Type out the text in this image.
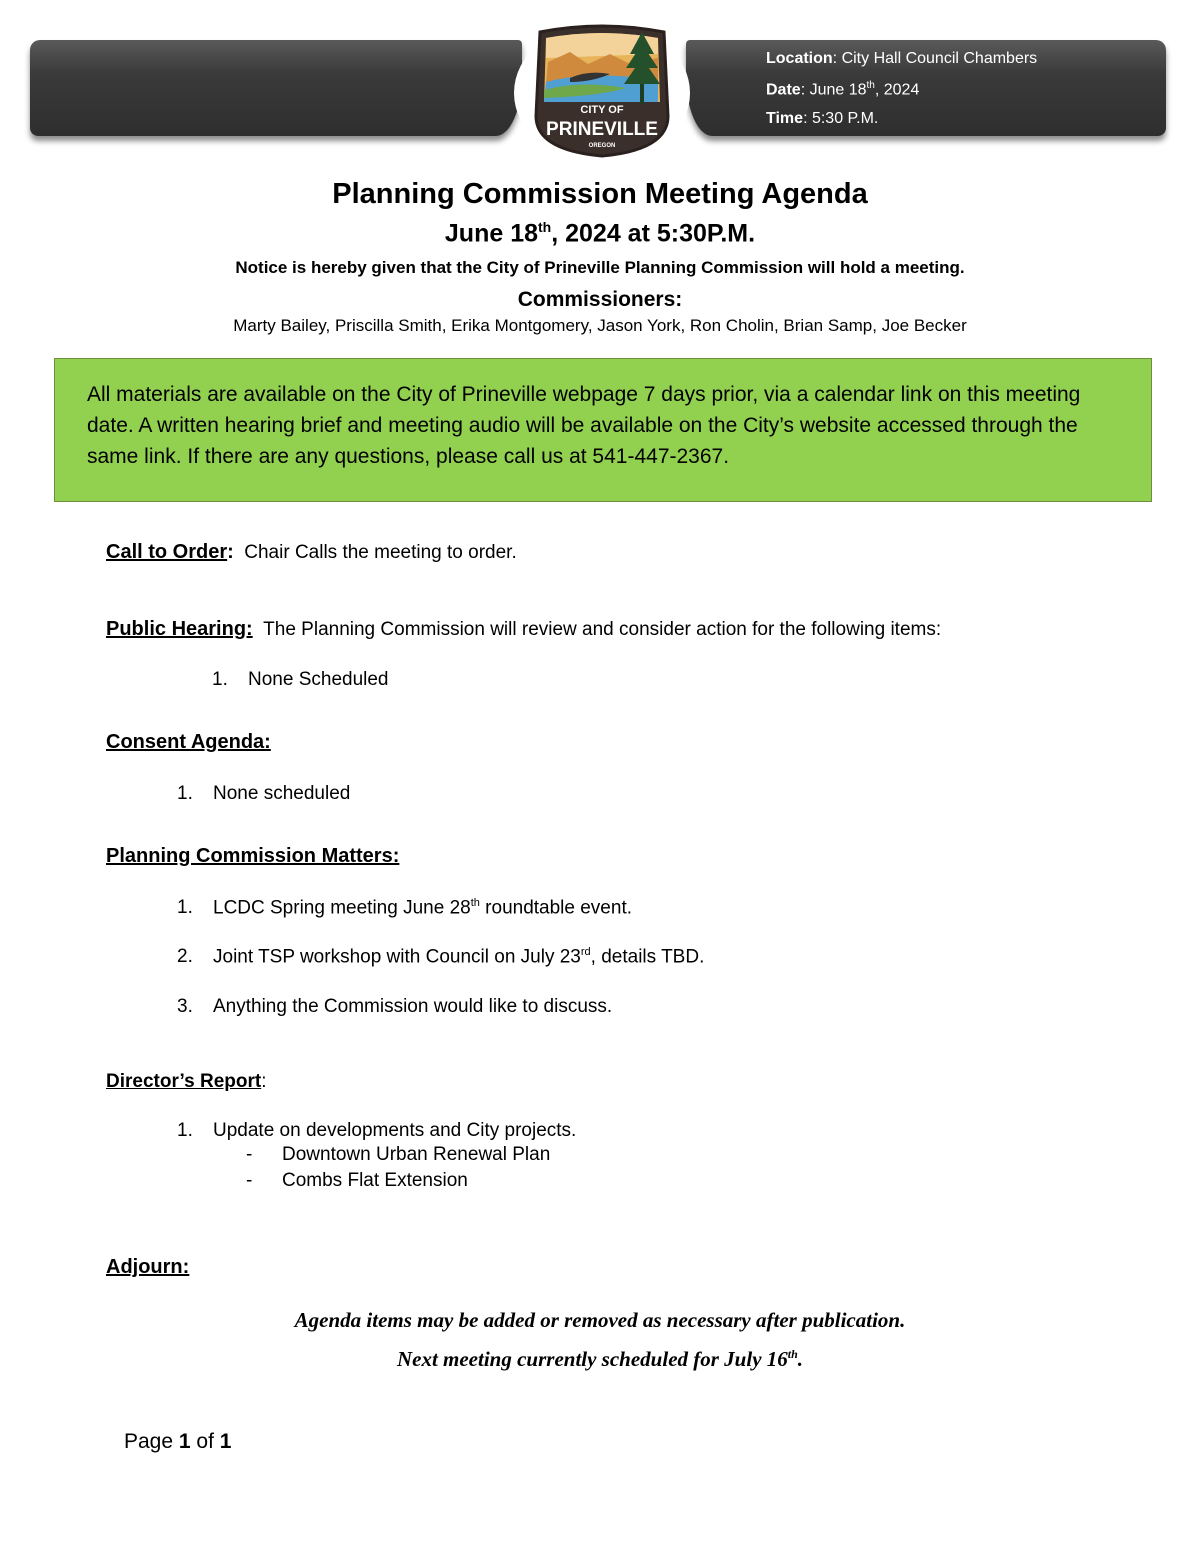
Location: City Hall Council Chambers
Date: June 18th, 2024
Time: 5:30 P.M.
CITY OF
PRINEVILLE
OREGON
Planning Commission Meeting Agenda
June 18th, 2024 at 5:30P.M.
Notice is hereby given that the City of Prineville Planning Commission will hold a meeting.
Commissioners:
Marty Bailey, Priscilla Smith, Erika Montgomery, Jason York, Ron Cholin, Brian Samp, Joe Becker

All materials are available on the City of Prineville webpage 7 days prior, via a calendar link on this meeting date. A written hearing brief and meeting audio will be available on the City’s website accessed through the same link. If there are any questions, please call us at 541-447-2367.

Call to Order: Chair Calls the meeting to order.
Public Hearing: The Planning Commission will review and consider action for the following items:
1. None Scheduled
Consent Agenda:
1. None scheduled
Planning Commission Matters:
1. LCDC Spring meeting June 28th roundtable event.
2. Joint TSP workshop with Council on July 23rd, details TBD.
3. Anything the Commission would like to discuss.
Director’s Report:
1. Update on developments and City projects.
- Downtown Urban Renewal Plan
- Combs Flat Extension
Adjourn:
Agenda items may be added or removed as necessary after publication.
Next meeting currently scheduled for July 16th.
Page 1 of 1
